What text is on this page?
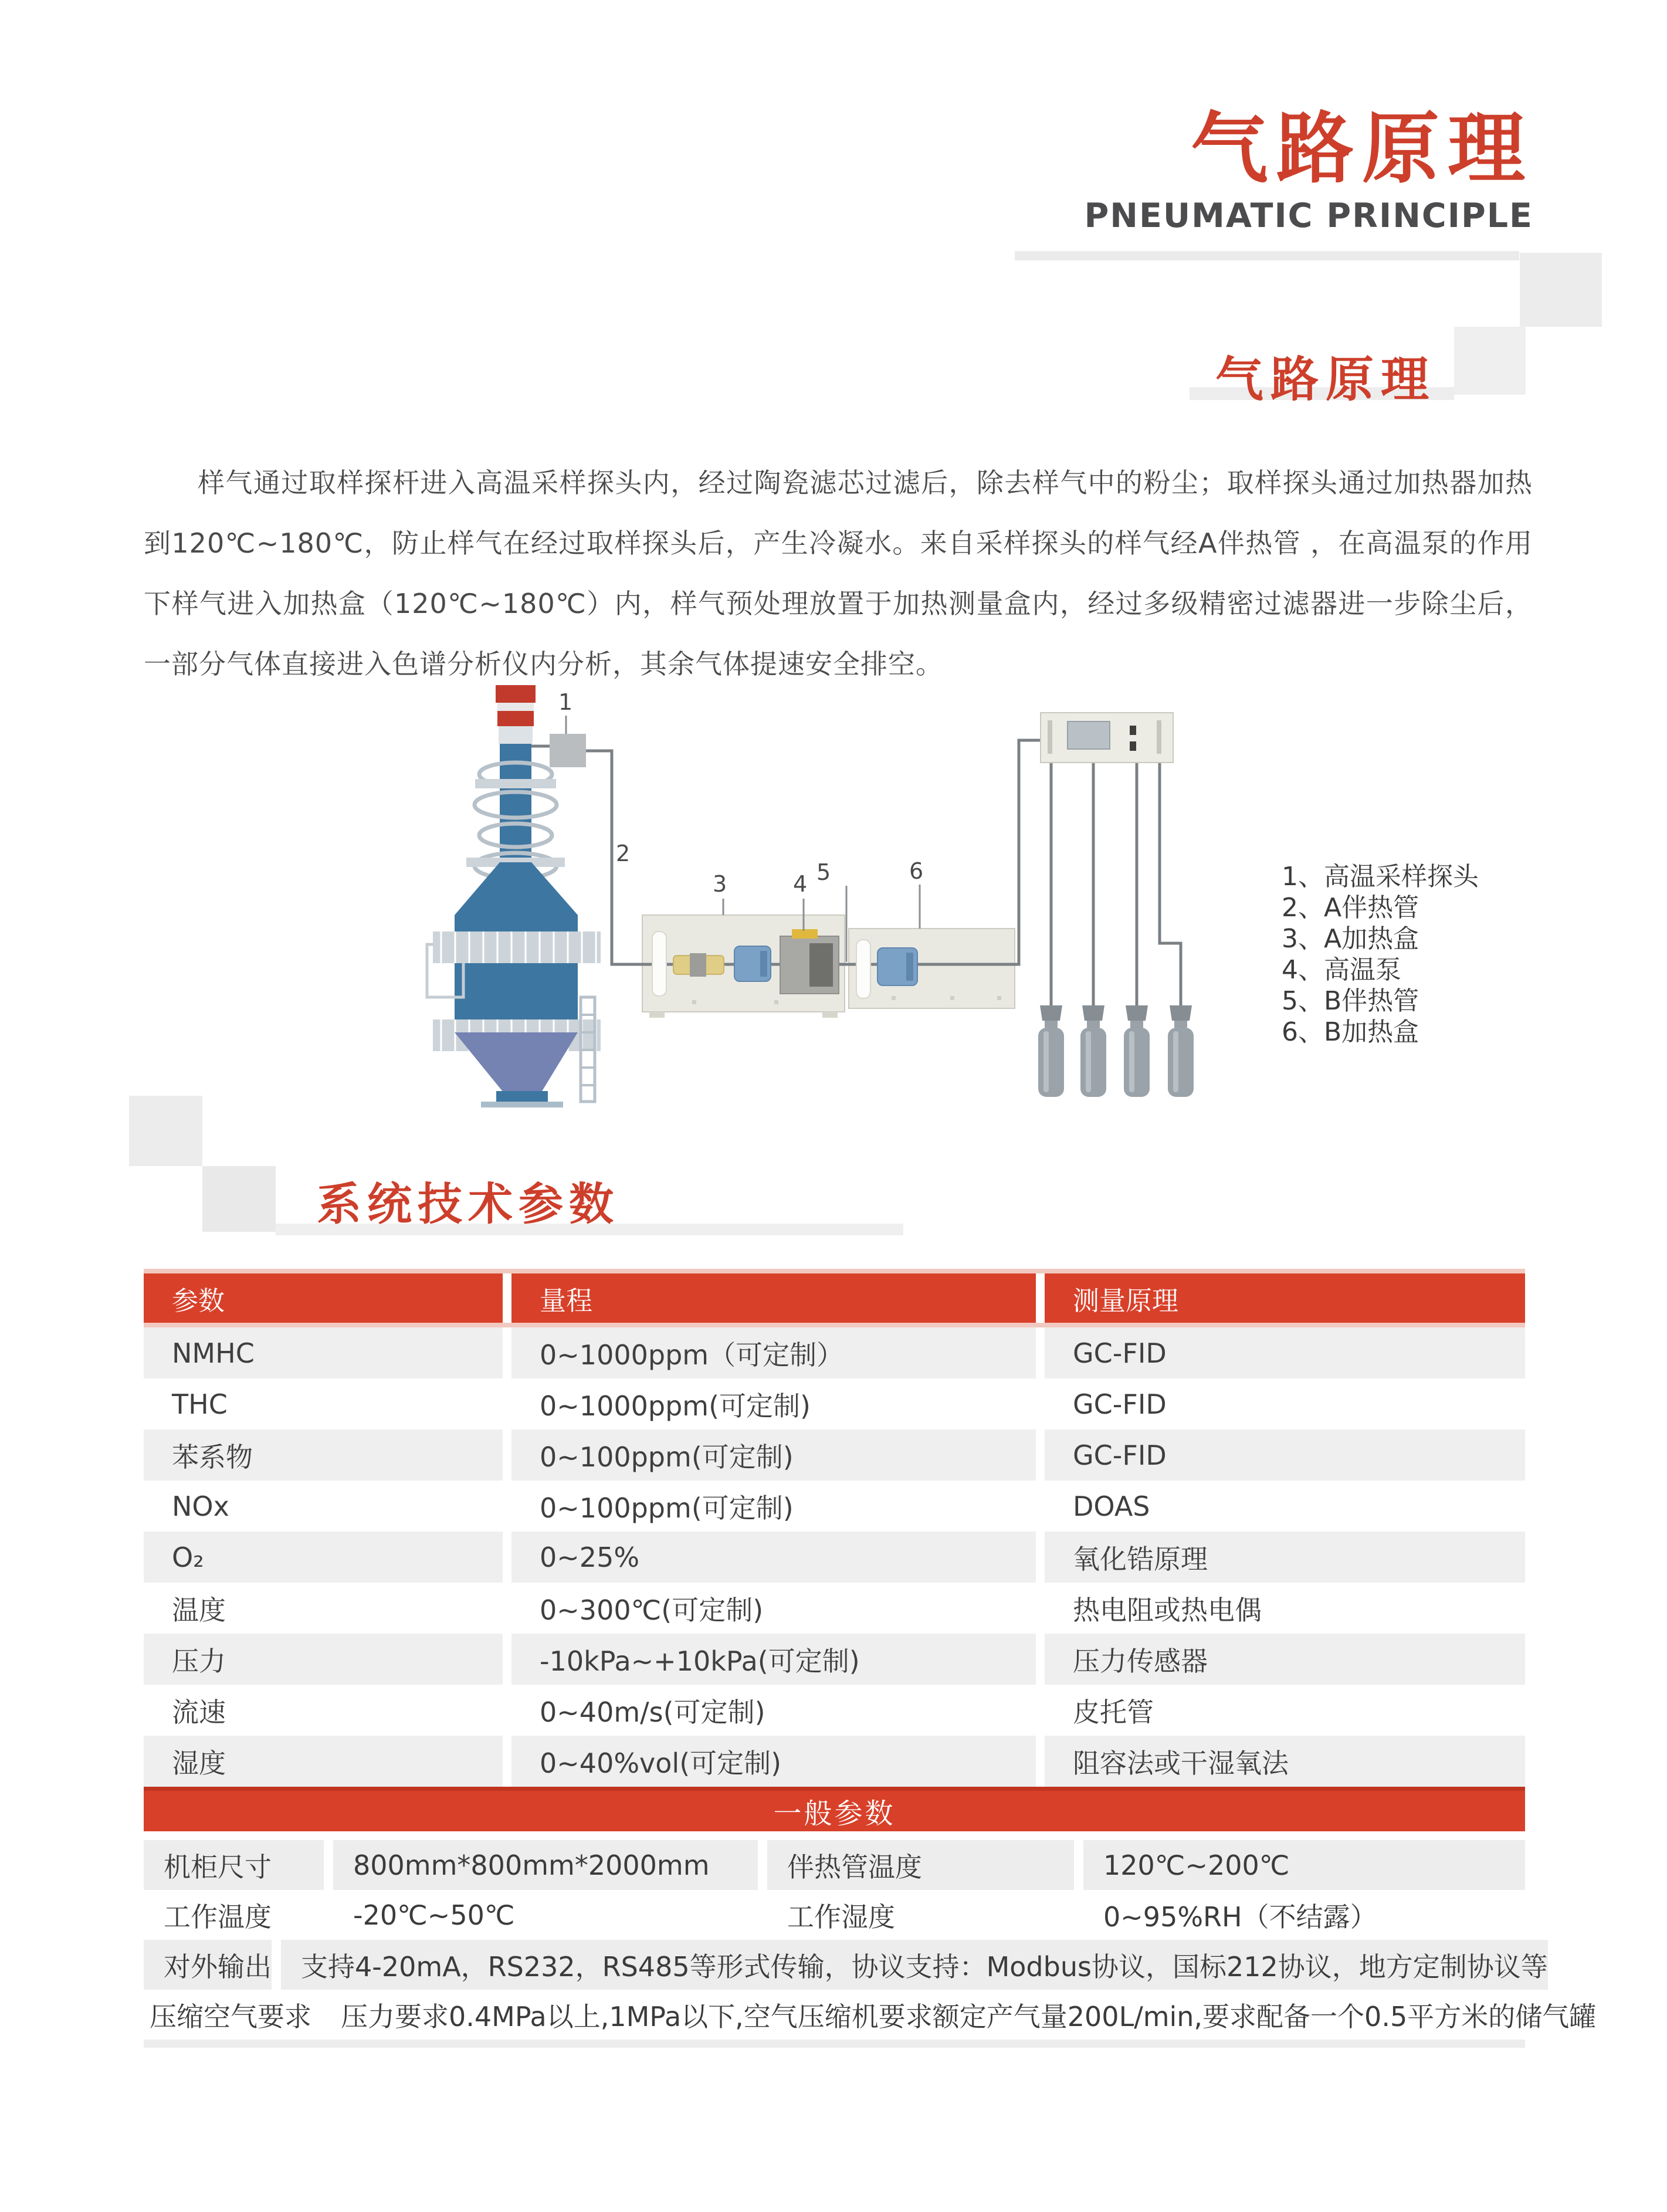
气路原理
PNEUMATIC PRINCIPLE
气路原理

样气通过取样探杆进入高温采样探头内，经过陶瓷滤芯过滤后，除去样气中的粉尘；取样探头通过加热器加热到120℃~180℃，防止样气在经过取样探头后，产生冷凝水。来自采样探头的样气经A伴热管 ，在高温泵的作用下样气进入加热盒（120℃~180℃）内，样气预处理放置于加热测量盒内，经过多级精密过滤器进一步除尘后，一部分气体直接进入色谱分析仪内分析，其余气体提速安全排空。

1
2
3	4 5	6	1、高温采样探头
2、A伴热管
3、A加热盒
4、高温泵
5、B伴热管
6、B加热盒
系统技术参数
参数	量程	测量原理
NMHC	0~1000ppm（可定制）	GC-FID
THC	0~1000ppm(可定制)	GC-FID
苯系物	0~100ppm(可定制)	GC-FID
NOx	0~100ppm(可定制)	DOAS
O₂	0~25%	氧化锆原理
温度	0~300℃(可定制)	热电阻或热电偶
压力	-10kPa~+10kPa(可定制)	压力传感器
流速	0~40m/s(可定制)	皮托管
湿度	0~40%vol(可定制)	阻容法或干湿氧法
一般参数
机柜尺寸	800mm*800mm*2000mm	伴热管温度	120℃~200℃
工作温度	-20℃~50℃	工作湿度	0~95%RH（不结露）
对外输出	支持4-20mA，RS232，RS485等形式传输，协议支持：Modbus协议，国标212协议，地方定制协议等
压缩空气要求	压力要求0.4MPa以上,1MPa以下,空气压缩机要求额定产气量200L/min,要求配备一个0.5平方米的储气罐
